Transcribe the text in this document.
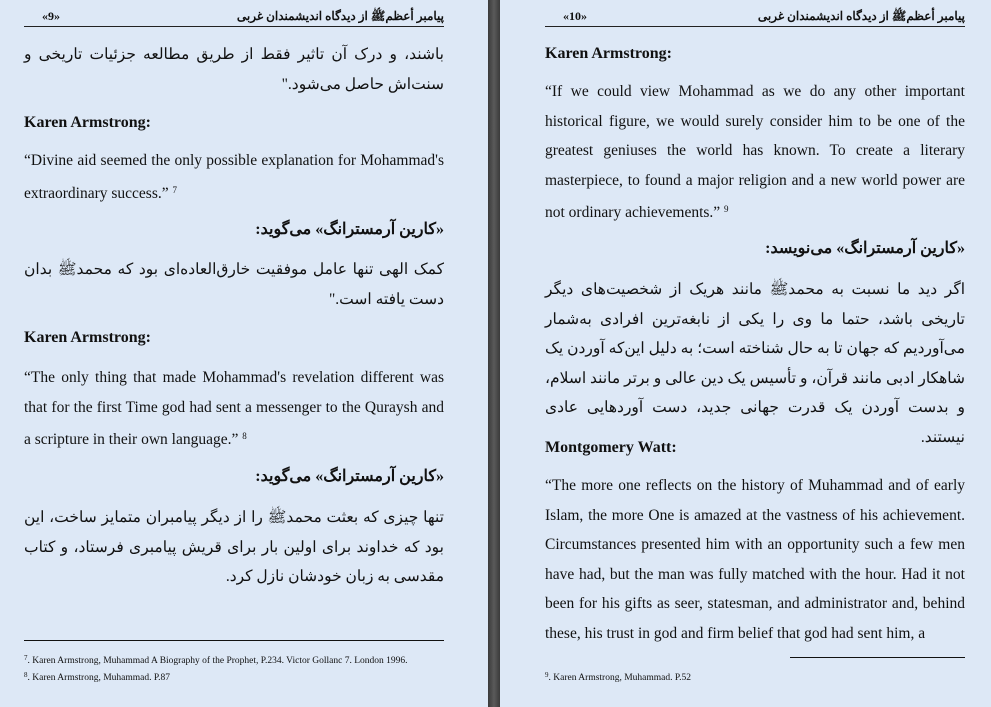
«9»	پیامبر أعظمﷺ از دیدگاه اندیشمندان غربی
باشند، و درک آن تاثیر فقط از طریق مطالعه جزئیات تاریخی و سنت‌اش حاصل می‌شود."
Karen Armstrong:
“Divine aid seemed the only possible explanation for Mohammad's extraordinary success.” $^7$
«کارین آرمسترانگ» می‌گوید:
کمک الهی تنها عامل موفقیت خارق‌العاده‌ای بود که محمدﷺ بدان دست یافته است."
Karen Armstrong:
“The only thing that made Mohammad's revelation different was that for the first Time god had sent a messenger to the Quraysh and a scripture in their own language.” $^8$
«کارین آرمسترانگ» می‌گوید:
تنها چیزی که بعثت محمدﷺ را از دیگر پیامبران متمایز ساخت، این بود که خداوند برای اولین بار برای قریش پیامبری فرستاد، و کتاب مقدسی به زبان خودشان نازل کرد.
$^7$. Karen Armstrong, Muhammad A Biography of the Prophet, P.234. Victor Gollanc 7. London 1996.
$^8$. Karen Armstrong, Muhammad. P.87
«10»	پیامبر أعظمﷺ از دیدگاه اندیشمندان غربی
Karen Armstrong:
“If we could view Mohammad as we do any other important historical figure, we would surely consider him to be one of the greatest geniuses the world has known. To create a literary masterpiece, to found a major religion and a new world power are not ordinary achievements.” $^9$
«کارین آرمسترانگ» می‌نویسد:
اگر دید ما نسبت به محمدﷺ مانند هریک از شخصیت‌های دیگر تاریخی باشد، حتما ما وی را یکی از نابغه‌ترین افرادی به‌شمار می‌آوردیم که جهان تا به حال شناخته است؛ به دلیل این‌که آوردن یک شاهکار ادبی مانند قرآن، و تأسیس یک دین عالی و برتر مانند اسلام، و بدست آوردن یک قدرت جهانی جدید، دست آوردهایی عادی نیستند.
Montgomery Watt:
“The more one reflects on the history of Muhammad and of early Islam, the more One is amazed at the vastness of his achievement. Circumstances presented him with an opportunity such a few men have had, but the man was fully matched with the hour. Had it not been for his gifts as seer, statesman, and administrator and, behind these, his trust in god and firm belief that god had sent him, a
$^9$. Karen Armstrong, Muhammad. P.52
